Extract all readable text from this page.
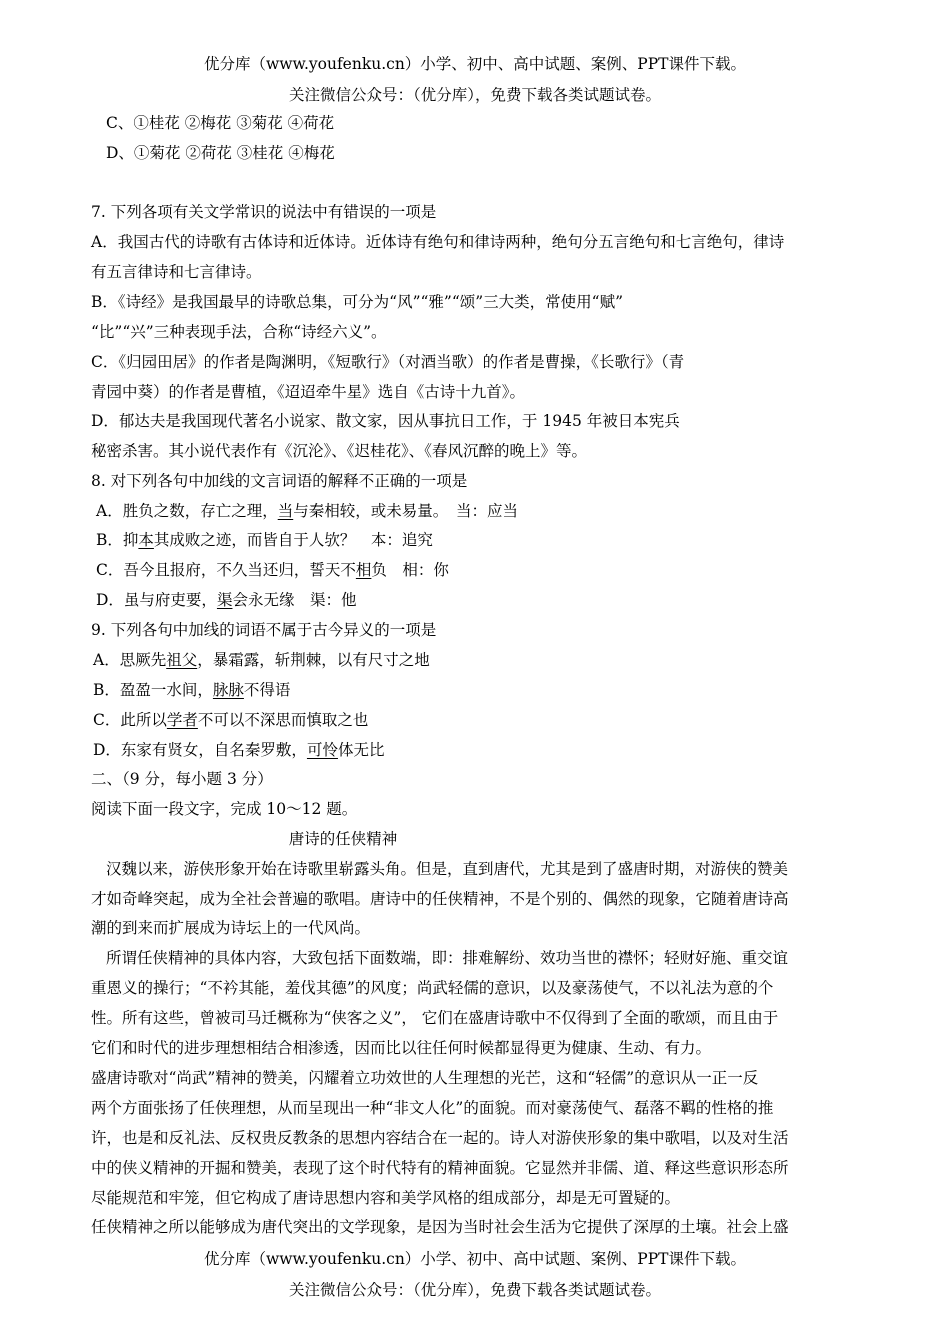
优分库（www.youfenku.cn）小学、初中、高中试题、案例、PPT课件下载。
关注微信公众号：（优分库），免费下载各类试题试卷。
C、①桂花 ②梅花 ③菊花 ④荷花
D、①菊花 ②荷花 ③桂花 ④梅花
7. 下列各项有关文学常识的说法中有错误的一项是
A．我国古代的诗歌有古体诗和近体诗。近体诗有绝句和律诗两种，绝句分五言绝句和七言绝句，律诗
有五言律诗和七言律诗。
B．《诗经》是我国最早的诗歌总集，可分为“风”“雅”“颂”三大类，常使用“赋”
“比”“兴”三种表现手法，合称“诗经六义”。
C．《归园田居》的作者是陶渊明，《短歌行》（对酒当歌）的作者是曹操，《长歌行》（青
青园中葵）的作者是曹植，《迢迢牵牛星》选自《古诗十九首》。
D．郁达夫是我国现代著名小说家、散文家，因从事抗日工作，于 1945 年被日本宪兵
秘密杀害。其小说代表作有《沉沦》、《迟桂花》、《春风沉醉的晚上》等。
8. 对下列各句中加线的文言词语的解释不正确的一项是
A．胜负之数，存亡之理，当与秦相较，或未易量。　当：应当
B．抑本其成败之迹，而皆自于人欤？　本：追究
C．吾今且报府，不久当还归，誓天不相负　相：你
D．虽与府吏要，渠会永无缘　渠：他
9. 下列各句中加线的词语不属于古今异义的一项是
A．思厥先祖父，暴霜露，斩荆棘，以有尺寸之地
B．盈盈一水间，脉脉不得语
C．此所以学者不可以不深思而慎取之也
D．东家有贤女，自名秦罗敷，可怜体无比
二、（9 分，每小题 3 分）
阅读下面一段文字，完成 10～12 题。
唐诗的任侠精神
汉魏以来，游侠形象开始在诗歌里崭露头角。但是，直到唐代，尤其是到了盛唐时期，对游侠的赞美
才如奇峰突起，成为全社会普遍的歌唱。唐诗中的任侠精神，不是个别的、偶然的现象，它随着唐诗高
潮的到来而扩展成为诗坛上的一代风尚。
所谓任侠精神的具体内容，大致包括下面数端，即：排难解纷、效功当世的襟怀；轻财好施、重交谊
重恩义的操行；“不衿其能，羞伐其德”的风度；尚武轻儒的意识，以及豪荡使气，不以礼法为意的个
性。所有这些，曾被司马迁概称为“侠客之义”， 它们在盛唐诗歌中不仅得到了全面的歌颂，而且由于
它们和时代的进步理想相结合相渗透，因而比以往任何时候都显得更为健康、生动、有力。
盛唐诗歌对“尚武”精神的赞美，闪耀着立功效世的人生理想的光芒，这和“轻儒”的意识从一正一反
两个方面张扬了任侠理想，从而呈现出一种“非文人化”的面貌。而对豪荡使气、磊落不羁的性格的推
许，也是和反礼法、反权贵反教条的思想内容结合在一起的。诗人对游侠形象的集中歌唱，以及对生活
中的侠义精神的开掘和赞美，表现了这个时代特有的精神面貌。它显然并非儒、道、释这些意识形态所
尽能规范和牢笼，但它构成了唐诗思想内容和美学风格的组成部分，却是无可置疑的。
任侠精神之所以能够成为唐代突出的文学现象，是因为当时社会生活为它提供了深厚的土壤。社会上盛
优分库（www.youfenku.cn）小学、初中、高中试题、案例、PPT课件下载。
关注微信公众号：（优分库），免费下载各类试题试卷。
